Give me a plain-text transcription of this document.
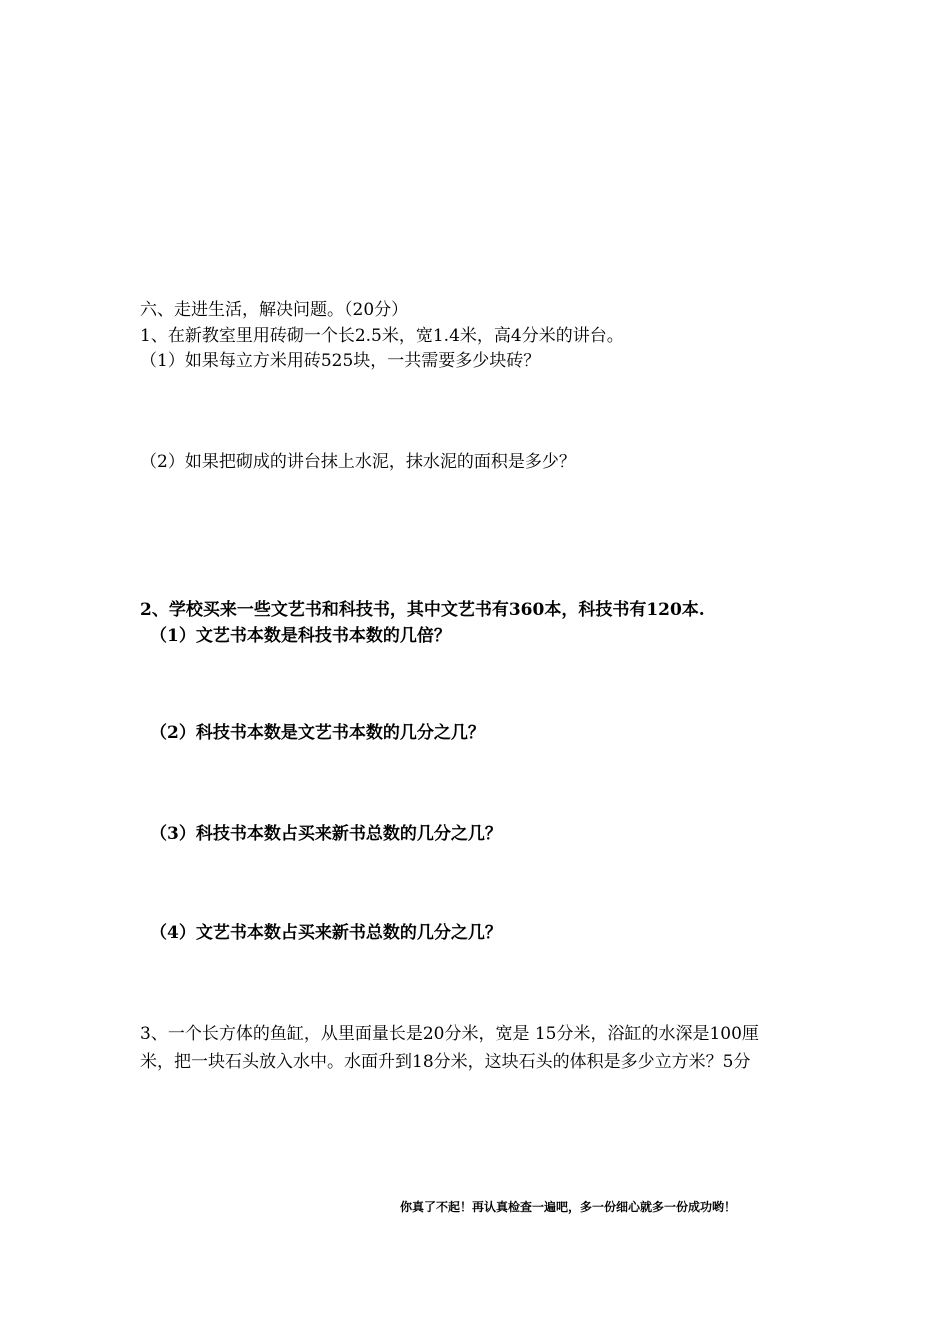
六、走进生活，解决问题。（20分）
1、在新教室里用砖砌一个长2.5米，宽1.4米，高4分米的讲台。
（1）如果每立方米用砖525块，一共需要多少块砖？
（2）如果把砌成的讲台抹上水泥，抹水泥的面积是多少？
2、学校买来一些文艺书和科技书，其中文艺书有360本，科技书有120本.
（1）文艺书本数是科技书本数的几倍？
（2）科技书本数是文艺书本数的几分之几？
（3）科技书本数占买来新书总数的几分之几？
（4）文艺书本数占买来新书总数的几分之几？
3、一个长方体的鱼缸，从里面量长是20分米，宽是 15分米，浴缸的水深是100厘
米，把一块石头放入水中。水面升到18分米，这块石头的体积是多少立方米？5分
你真了不起！再认真检查一遍吧，多一份细心就多一份成功哟！
